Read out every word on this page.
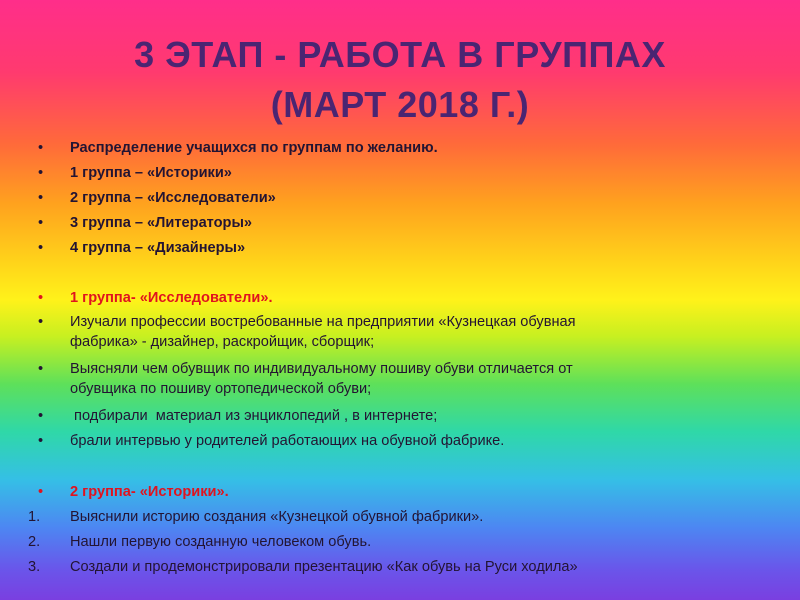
3 ЭТАП - РАБОТА В ГРУППАХ
(МАРТ 2018 Г.)
•	Распределение учащихся по группам по желанию.
•	1 группа – «Историки»
•	2 группа – «Исследователи»
•	3 группа – «Литераторы»
•	4 группа – «Дизайнеры»
•	1 группа- «Исследователи».
•	Изучали профессии востребованные на предприятии «Кузнецкая обувная
фабрика» - дизайнер, раскройщик, сборщик;
•	Выясняли чем обувщик по индивидуальному пошиву обуви отличается от
обувщика по пошиву ортопедической обуви;
•	подбирали  материал из энциклопедий , в интернете;
•	брали интервью у родителей работающих на обувной фабрике.
•	2 группа- «Историки».
1.	Выяснили историю создания «Кузнецкой обувной фабрики».
2.	Нашли первую созданную человеком обувь.
3.	Создали и продемонстрировали презентацию «Как обувь на Руси ходила»
